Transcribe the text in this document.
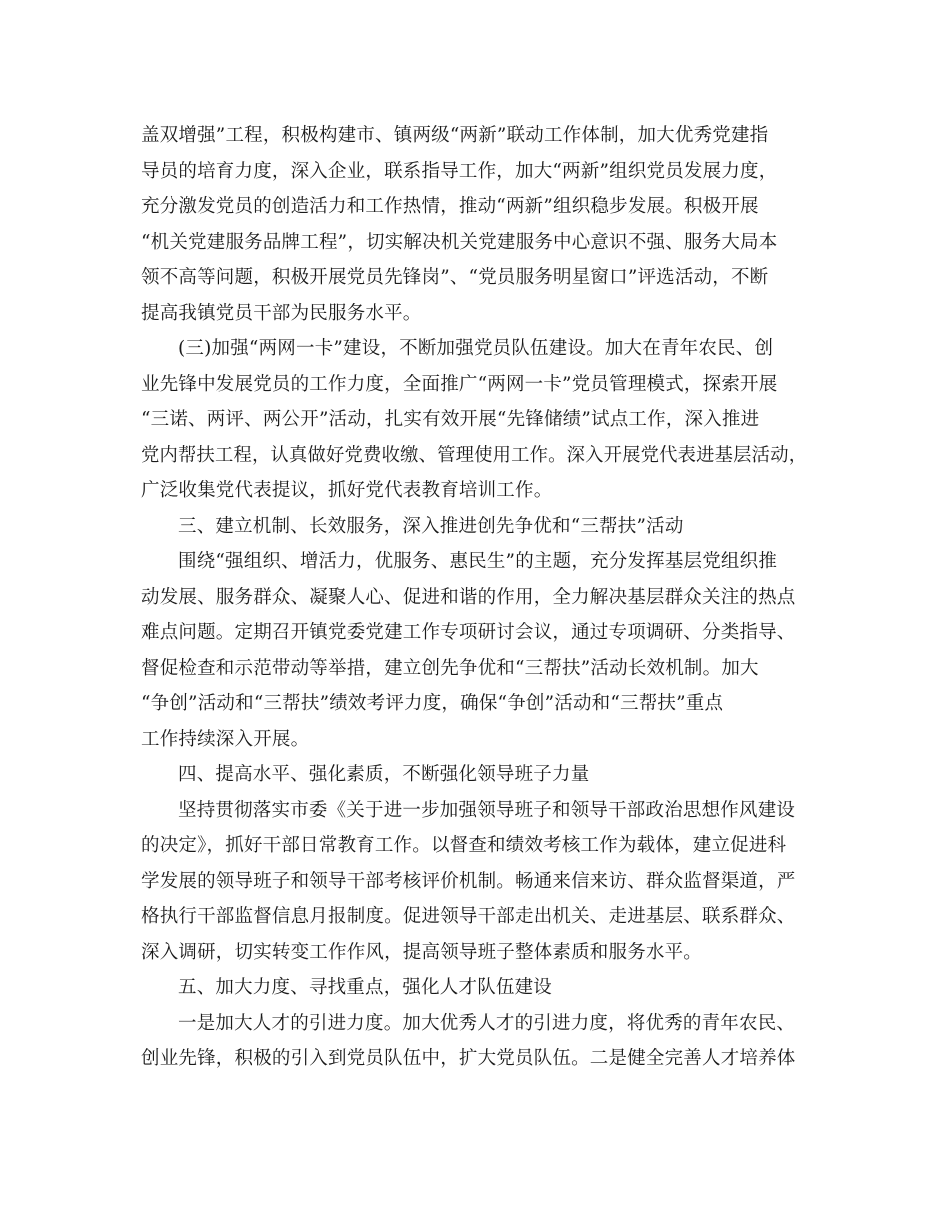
盖双增强”工程，积极构建市、镇两级“两新”联动工作体制，加大优秀党建指
导员的培育力度，深入企业，联系指导工作，加大“两新”组织党员发展力度，
充分激发党员的创造活力和工作热情，推动“两新”组织稳步发展。积极开展
“机关党建服务品牌工程”，切实解决机关党建服务中心意识不强、服务大局本
领不高等问题，积极开展党员先锋岗”、“党员服务明星窗口”评选活动，不断
提高我镇党员干部为民服务水平。
(三)加强“两网一卡”建设，不断加强党员队伍建设。加大在青年农民、创
业先锋中发展党员的工作力度，全面推广“两网一卡”党员管理模式，探索开展
“三诺、两评、两公开”活动，扎实有效开展“先锋储绩”试点工作，深入推进
党内帮扶工程，认真做好党费收缴、管理使用工作。深入开展党代表进基层活动，
广泛收集党代表提议，抓好党代表教育培训工作。
三、建立机制、长效服务，深入推进创先争优和“三帮扶”活动
围绕“强组织、增活力，优服务、惠民生”的主题，充分发挥基层党组织推
动发展、服务群众、凝聚人心、促进和谐的作用，全力解决基层群众关注的热点
难点问题。定期召开镇党委党建工作专项研讨会议，通过专项调研、分类指导、
督促检查和示范带动等举措，建立创先争优和“三帮扶”活动长效机制。加大
“争创”活动和“三帮扶”绩效考评力度，确保“争创”活动和“三帮扶”重点
工作持续深入开展。
四、提高水平、强化素质，不断强化领导班子力量
坚持贯彻落实市委《关于进一步加强领导班子和领导干部政治思想作风建设
的决定》，抓好干部日常教育工作。以督查和绩效考核工作为载体，建立促进科
学发展的领导班子和领导干部考核评价机制。畅通来信来访、群众监督渠道，严
格执行干部监督信息月报制度。促进领导干部走出机关、走进基层、联系群众、
深入调研，切实转变工作作风，提高领导班子整体素质和服务水平。
五、加大力度、寻找重点，强化人才队伍建设
一是加大人才的引进力度。加大优秀人才的引进力度，将优秀的青年农民、
创业先锋，积极的引入到党员队伍中，扩大党员队伍。二是健全完善人才培养体
